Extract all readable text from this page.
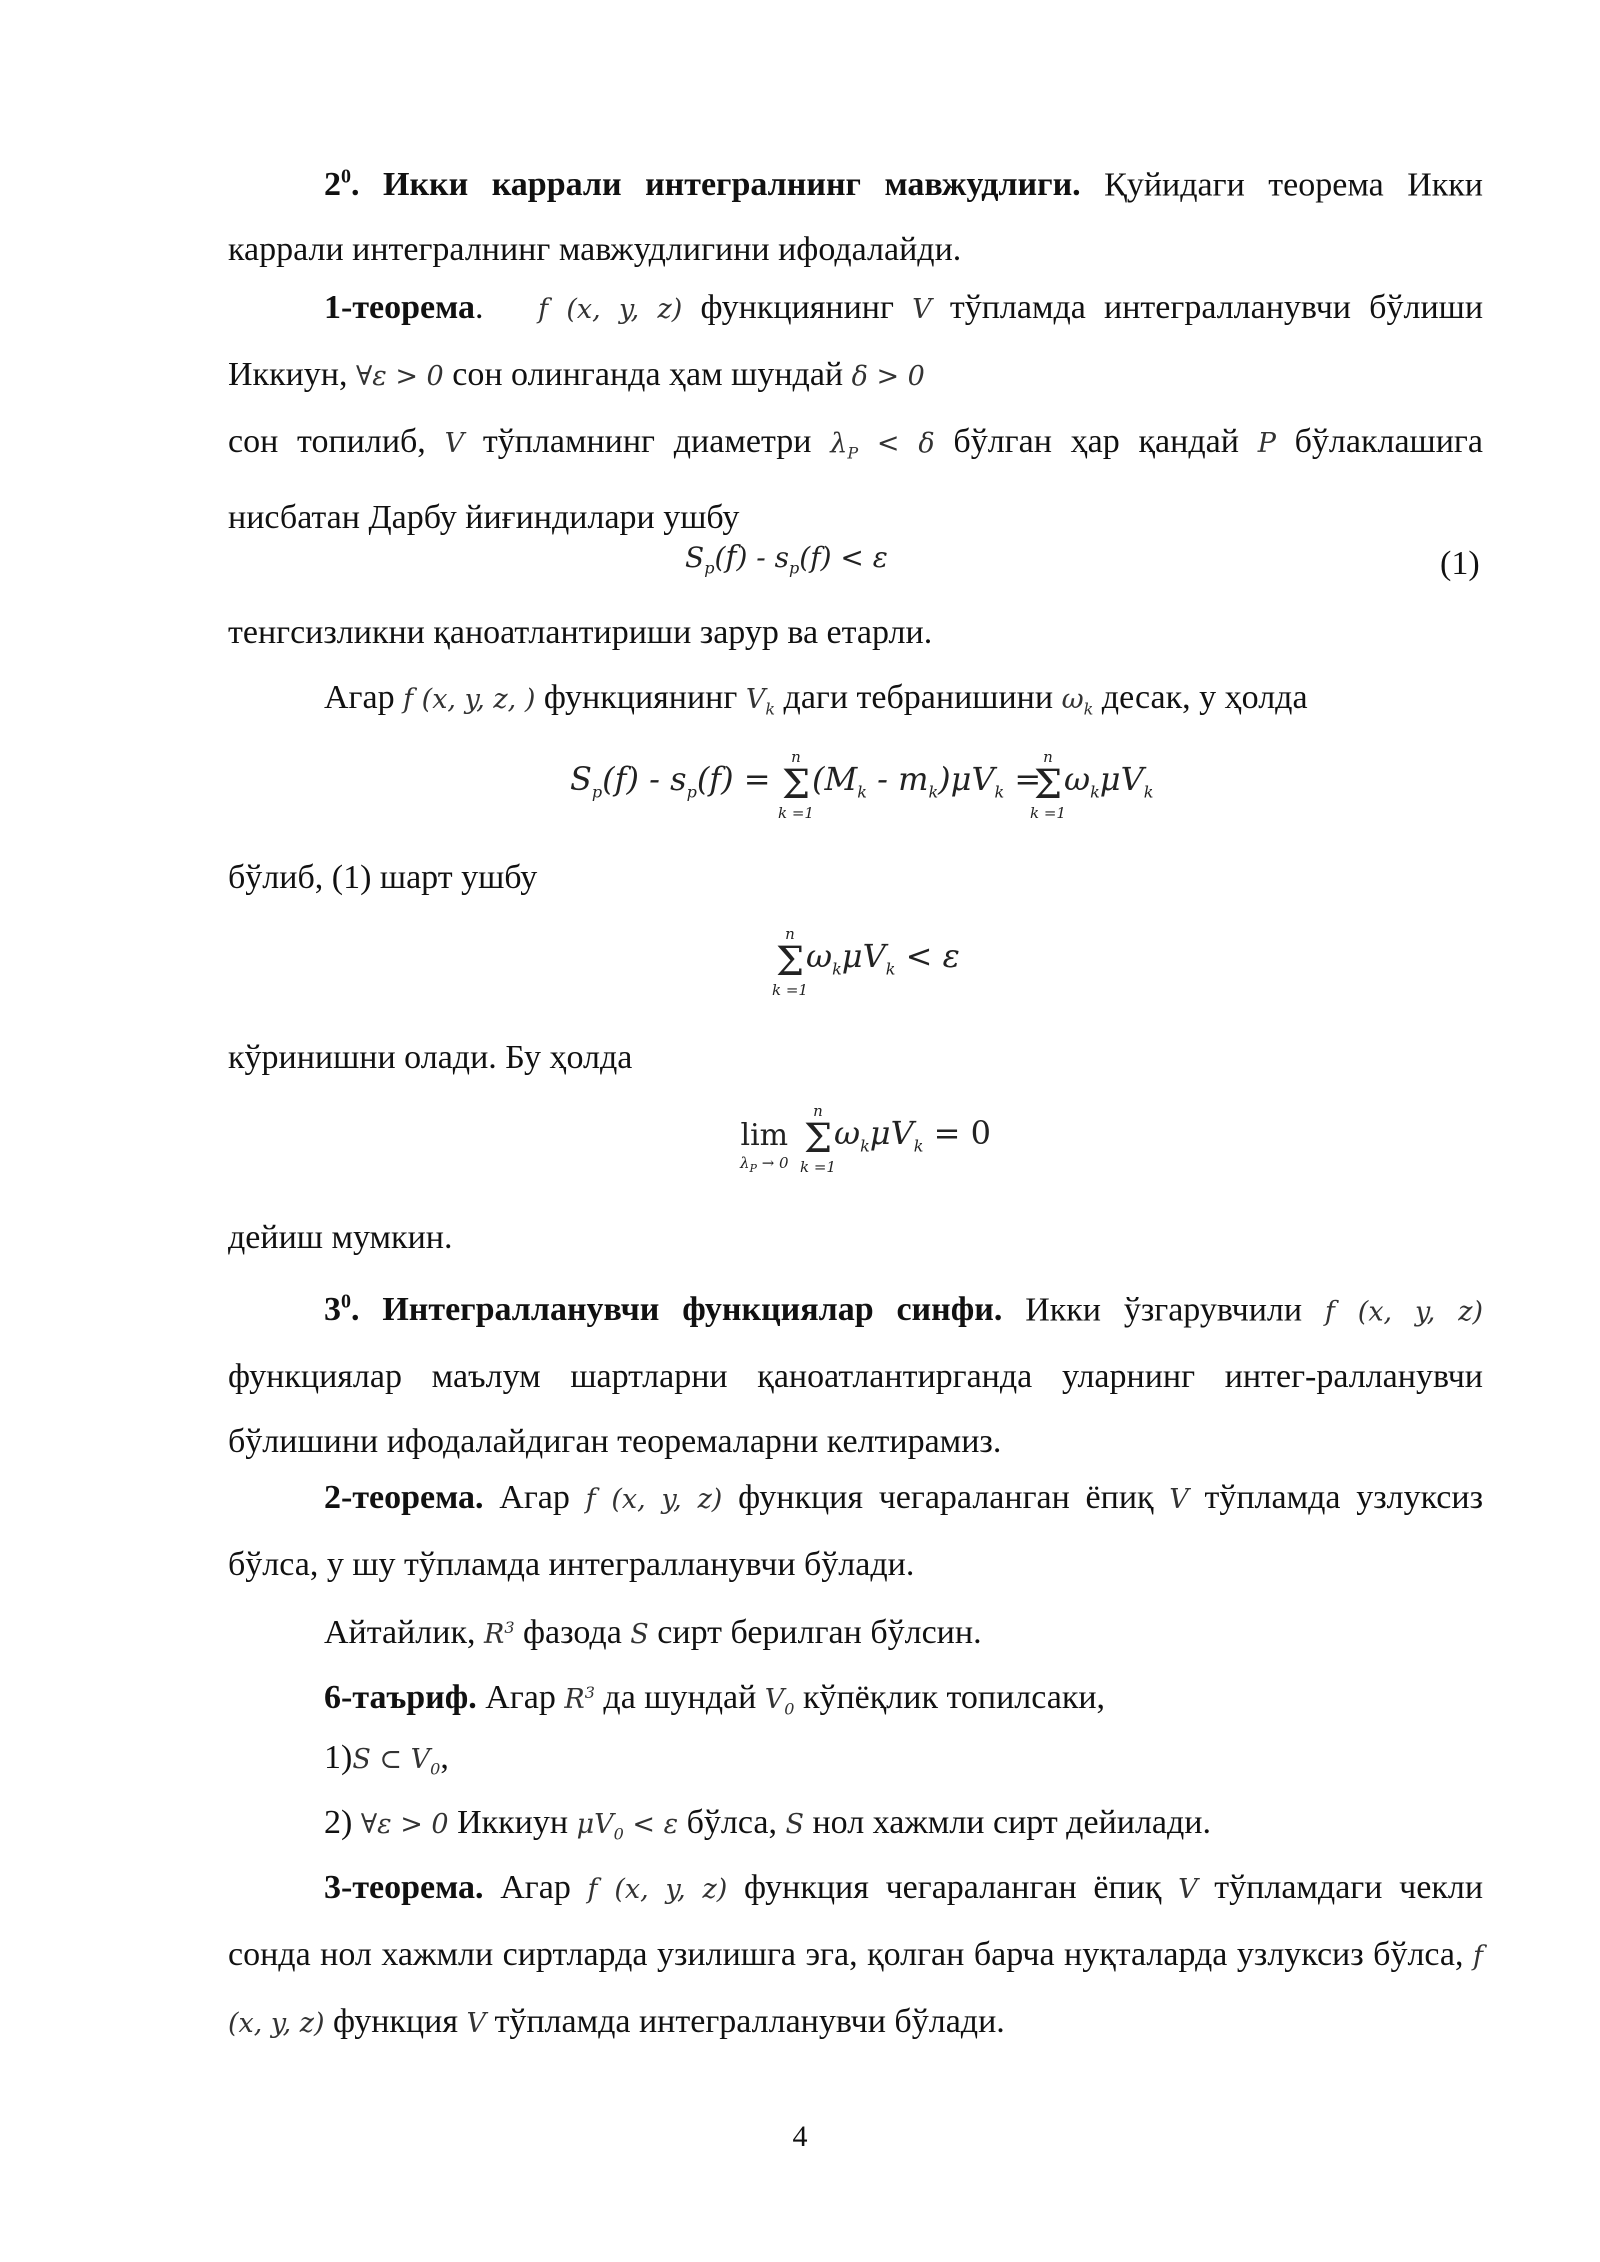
$2^0$. Икки каррали интегралнинг мавжудлиги. Қуйидаги теорема Икки каррали интегралнинг мавжудлигини ифодалайди.

1-теорема. f (x, y, z) функциянинг V тўпламда интегралланувчи бўлиши Иккиун, ∀ε > 0 сон олинганда ҳам шундай δ > 0
сон топилиб, V тўпламнинг диаметри $\lambda_P < \delta$ бўлган ҳар қандай P бўлаклашига нисбатан Дарбу йиғиндилари ушбу

$S_p(f) - s_p(f) < \varepsilon$	(1)

тенгсизликни қаноатлантириши зарур ва етарли.

Агар f (x, y, z, ) функциянинг $V_k$ даги тебранишини $\omega_k$ десак, у ҳолда

$S_p(f) - s_p(f)$ =
n
Σ
k =1
$(M_k - m_k)\mu V_k$ =
n
Σ
k =1
$\omega_k\mu V_k$

бўлиб, (1) шарт ушбу

n
Σ
k =1
$\omega_k\mu V_k < \varepsilon$

кўринишни олади. Бу ҳолда

lim
$\lambda_P \to 0$
n
Σ
k =1
$\omega_k\mu V_k = 0$

дейиш мумкин.

$3^0$. Интегралланувчи функциялар синфи. Икки ўзгарувчили f (x, y, z) функциялар маълум шартларни қаноатлантирганда уларнинг интег-ралланувчи бўлишини ифодалайдиган теоремаларни келтирамиз.

2-теорема. Агар f (x, y, z) функция чегараланган ёпиқ V тўпламда узлуксиз бўлса, у шу тўпламда интегралланувчи бўлади.

Айтайлик, $R^3$ фазода S сирт берилган бўлсин.

6-таъриф. Агар $R^3$ да шундай $V_0$ кўпёқлик топилсаки,

1)S ⊂ $V_0$,

2) ∀ε > 0 Иккиун $\mu V_0 < \varepsilon$ бўлса, S нол хажмли сирт дейилади.

3-теорема. Агар f (x, y, z) функция чегараланган ёпиқ V тўпламдаги чекли сонда нол хажмли сиртларда узилишга эга, қолган барча нуқталарда узлуксиз бўлса, f (x, y, z) функция V тўпламда интегралланувчи бўлади.

4
